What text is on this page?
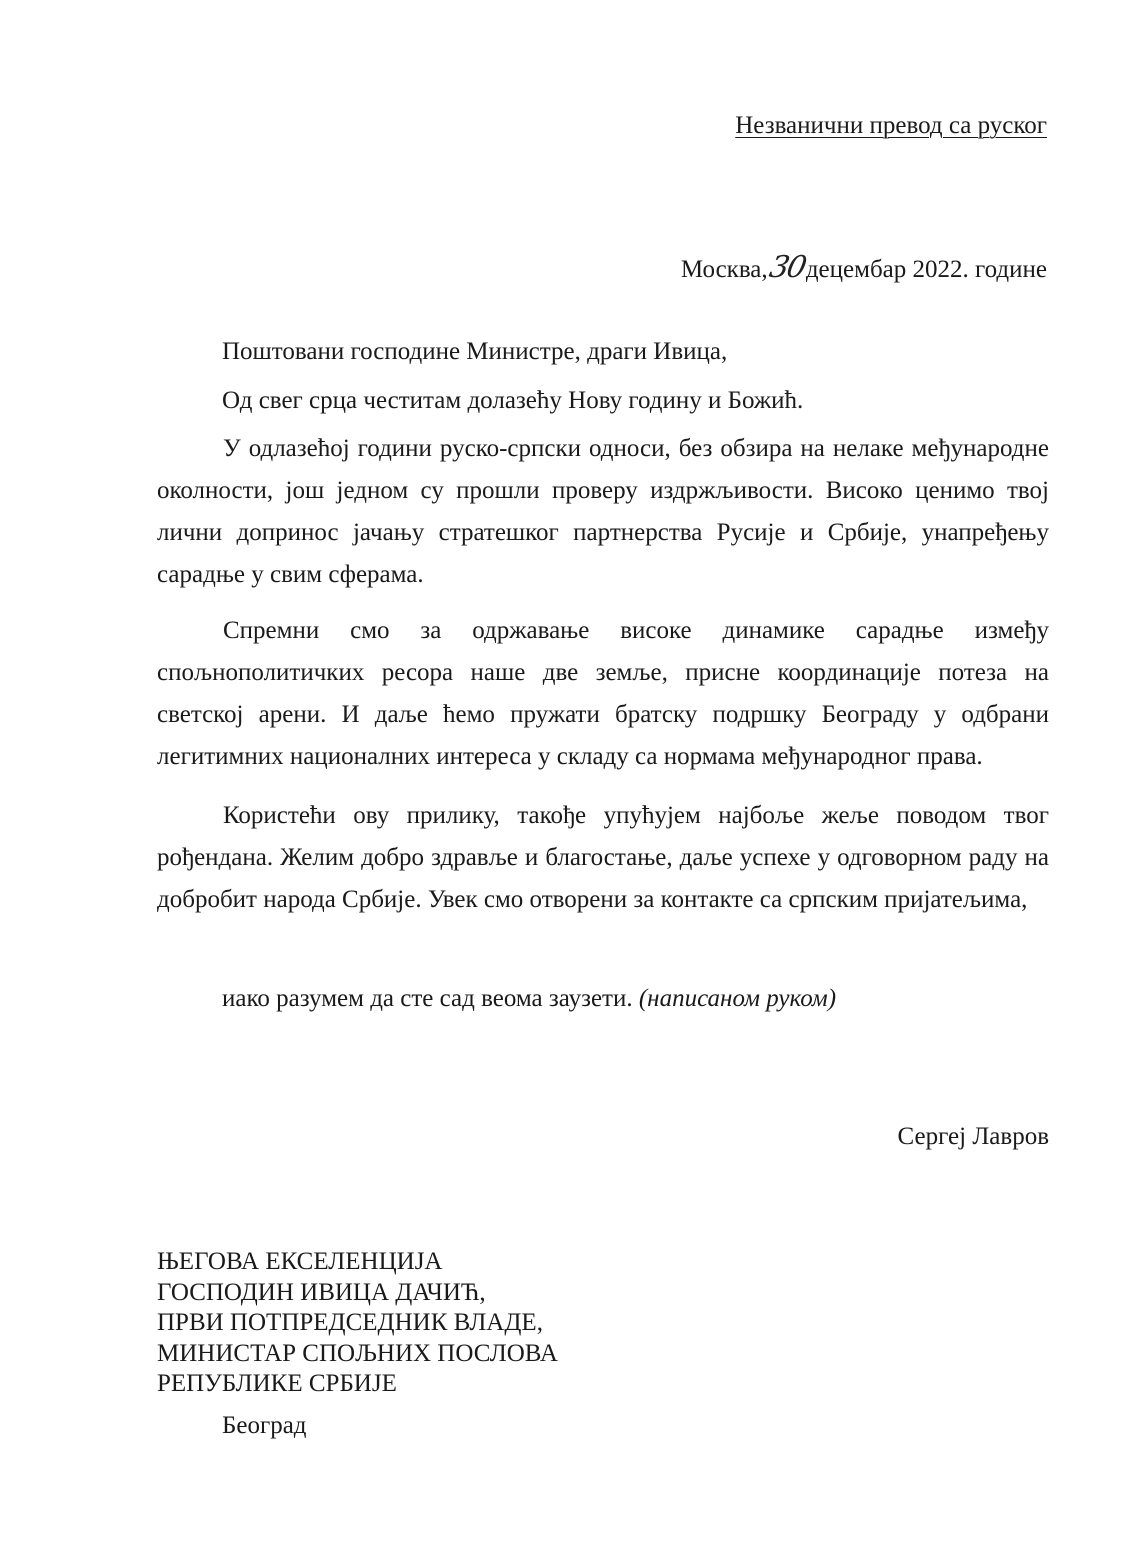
Незванични превод са руског
Москва,30децембар 2022. године
Поштовани господине Министре, драги Ивица,
Од свег срца честитам долазећу Нову годину и Божић.

У одлазећој години руско-српски односи, без обзира на нелаке међународне околности, још једном су прошли проверу издржљивости. Високо ценимо твој лични допринос јачању стратешког партнерства Русије и Србије, унапређењу сарадње у свим сферама.

Спремни смо за одржавање високе динамике сарадње између спољнополитичких ресора наше две земље, присне координације потеза на светској арени. И даље ћемо пружати братску подршку Београду у одбрани легитимних националних интереса у складу са нормама међународног права.

Користећи ову прилику, такође упућујем најбоље жеље поводом твог рођендана. Желим добро здравље и благостање, даље успехе у одговорном раду на добробит народа Србије. Увек смо отворени за контакте са српским пријатељима,

иако разумем да сте сад веома заузети. (написаном руком)
Сергеј Лавров
ЊЕГОВА ЕКСЕЛЕНЦИЈА
ГОСПОДИН ИВИЦА ДАЧИЋ,
ПРВИ ПОТПРЕДСЕДНИК ВЛАДЕ,
МИНИСТАР СПОЉНИХ ПОСЛОВА
РЕПУБЛИКЕ СРБИЈЕ
Београд
